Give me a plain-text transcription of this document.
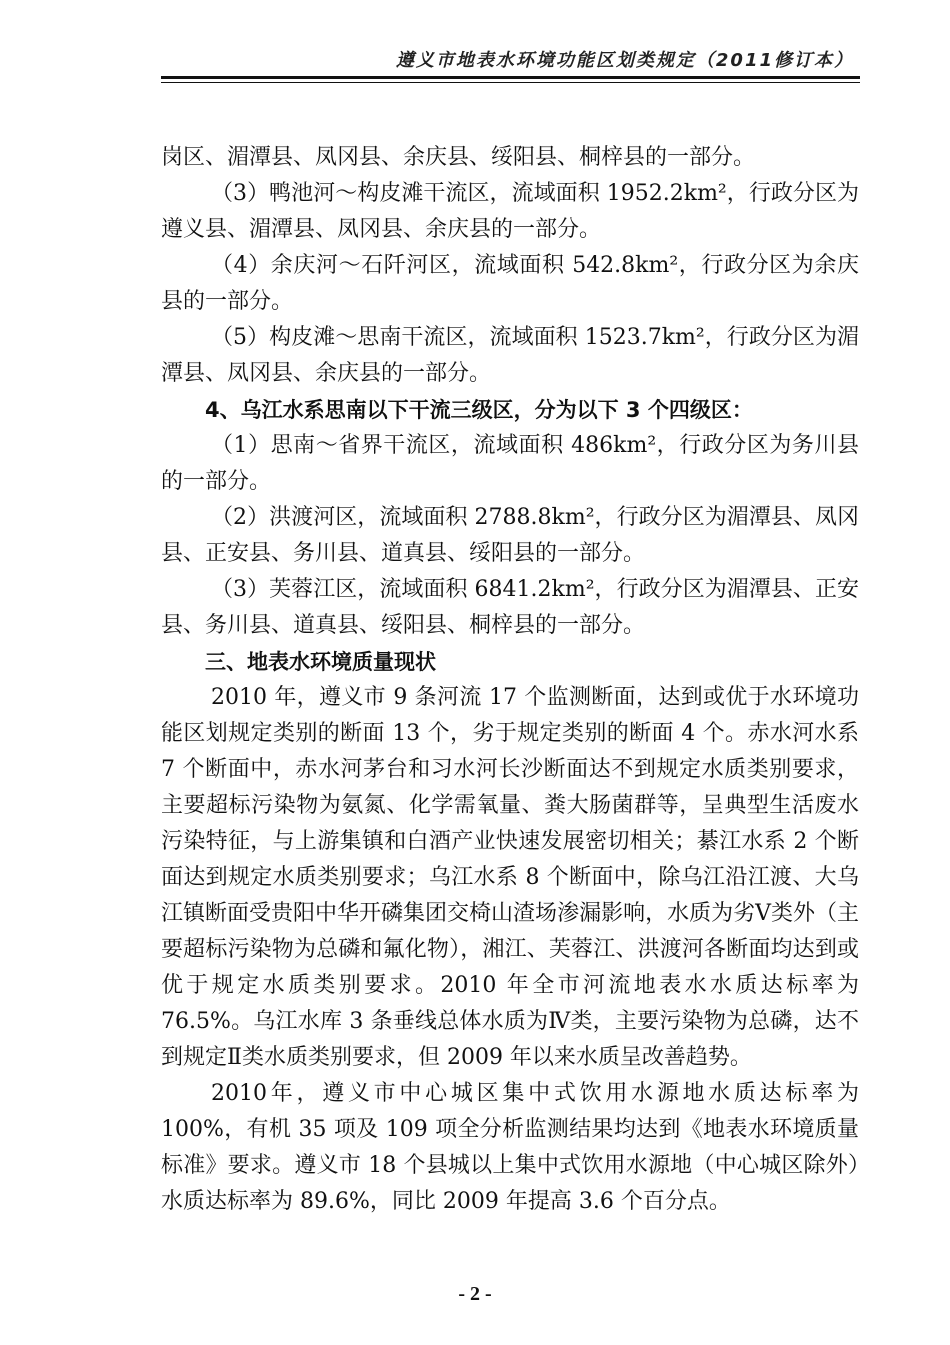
遵义市地表水环境功能区划类规定（2011修订本）

岗区、湄潭县、凤冈县、余庆县、绥阳县、桐梓县的一部分。

（3）鸭池河～构皮滩干流区，流域面积 1952.2km²，行政分区为遵义县、湄潭县、凤冈县、余庆县的一部分。

（4）余庆河～石阡河区，流域面积 542.8km²，行政分区为余庆县的一部分。

（5）构皮滩～思南干流区，流域面积 1523.7km²，行政分区为湄潭县、凤冈县、余庆县的一部分。

4、乌江水系思南以下干流三级区，分为以下 3 个四级区：

（1）思南～省界干流区，流域面积 486km²，行政分区为务川县的一部分。

（2）洪渡河区，流域面积 2788.8km²，行政分区为湄潭县、凤冈县、正安县、务川县、道真县、绥阳县的一部分。

（3）芙蓉江区，流域面积 6841.2km²，行政分区为湄潭县、正安县、务川县、道真县、绥阳县、桐梓县的一部分。

三、地表水环境质量现状

2010 年，遵义市 9 条河流 17 个监测断面，达到或优于水环境功能区划规定类别的断面 13 个，劣于规定类别的断面 4 个。赤水河水系 7 个断面中，赤水河茅台和习水河长沙断面达不到规定水质类别要求，主要超标污染物为氨氮、化学需氧量、粪大肠菌群等，呈典型生活废水污染特征，与上游集镇和白酒产业快速发展密切相关；綦江水系 2 个断面达到规定水质类别要求；乌江水系 8 个断面中，除乌江沿江渡、大乌江镇断面受贵阳中华开磷集团交椅山渣场渗漏影响，水质为劣Ⅴ类外（主要超标污染物为总磷和氟化物），湘江、芙蓉江、洪渡河各断面均达到或优于规定水质类别要求。2010 年全市河流地表水水质达标率为 76.5%。乌江水库 3 条垂线总体水质为Ⅳ类，主要污染物为总磷，达不到规定Ⅱ类水质类别要求，但 2009 年以来水质呈改善趋势。

2010年，遵义市中心城区集中式饮用水源地水质达标率为 100%，有机 35 项及 109 项全分析监测结果均达到《地表水环境质量标准》要求。遵义市 18 个县城以上集中式饮用水源地（中心城区除外）水质达标率为 89.6%，同比 2009 年提高 3.6 个百分点。

- 2 -
